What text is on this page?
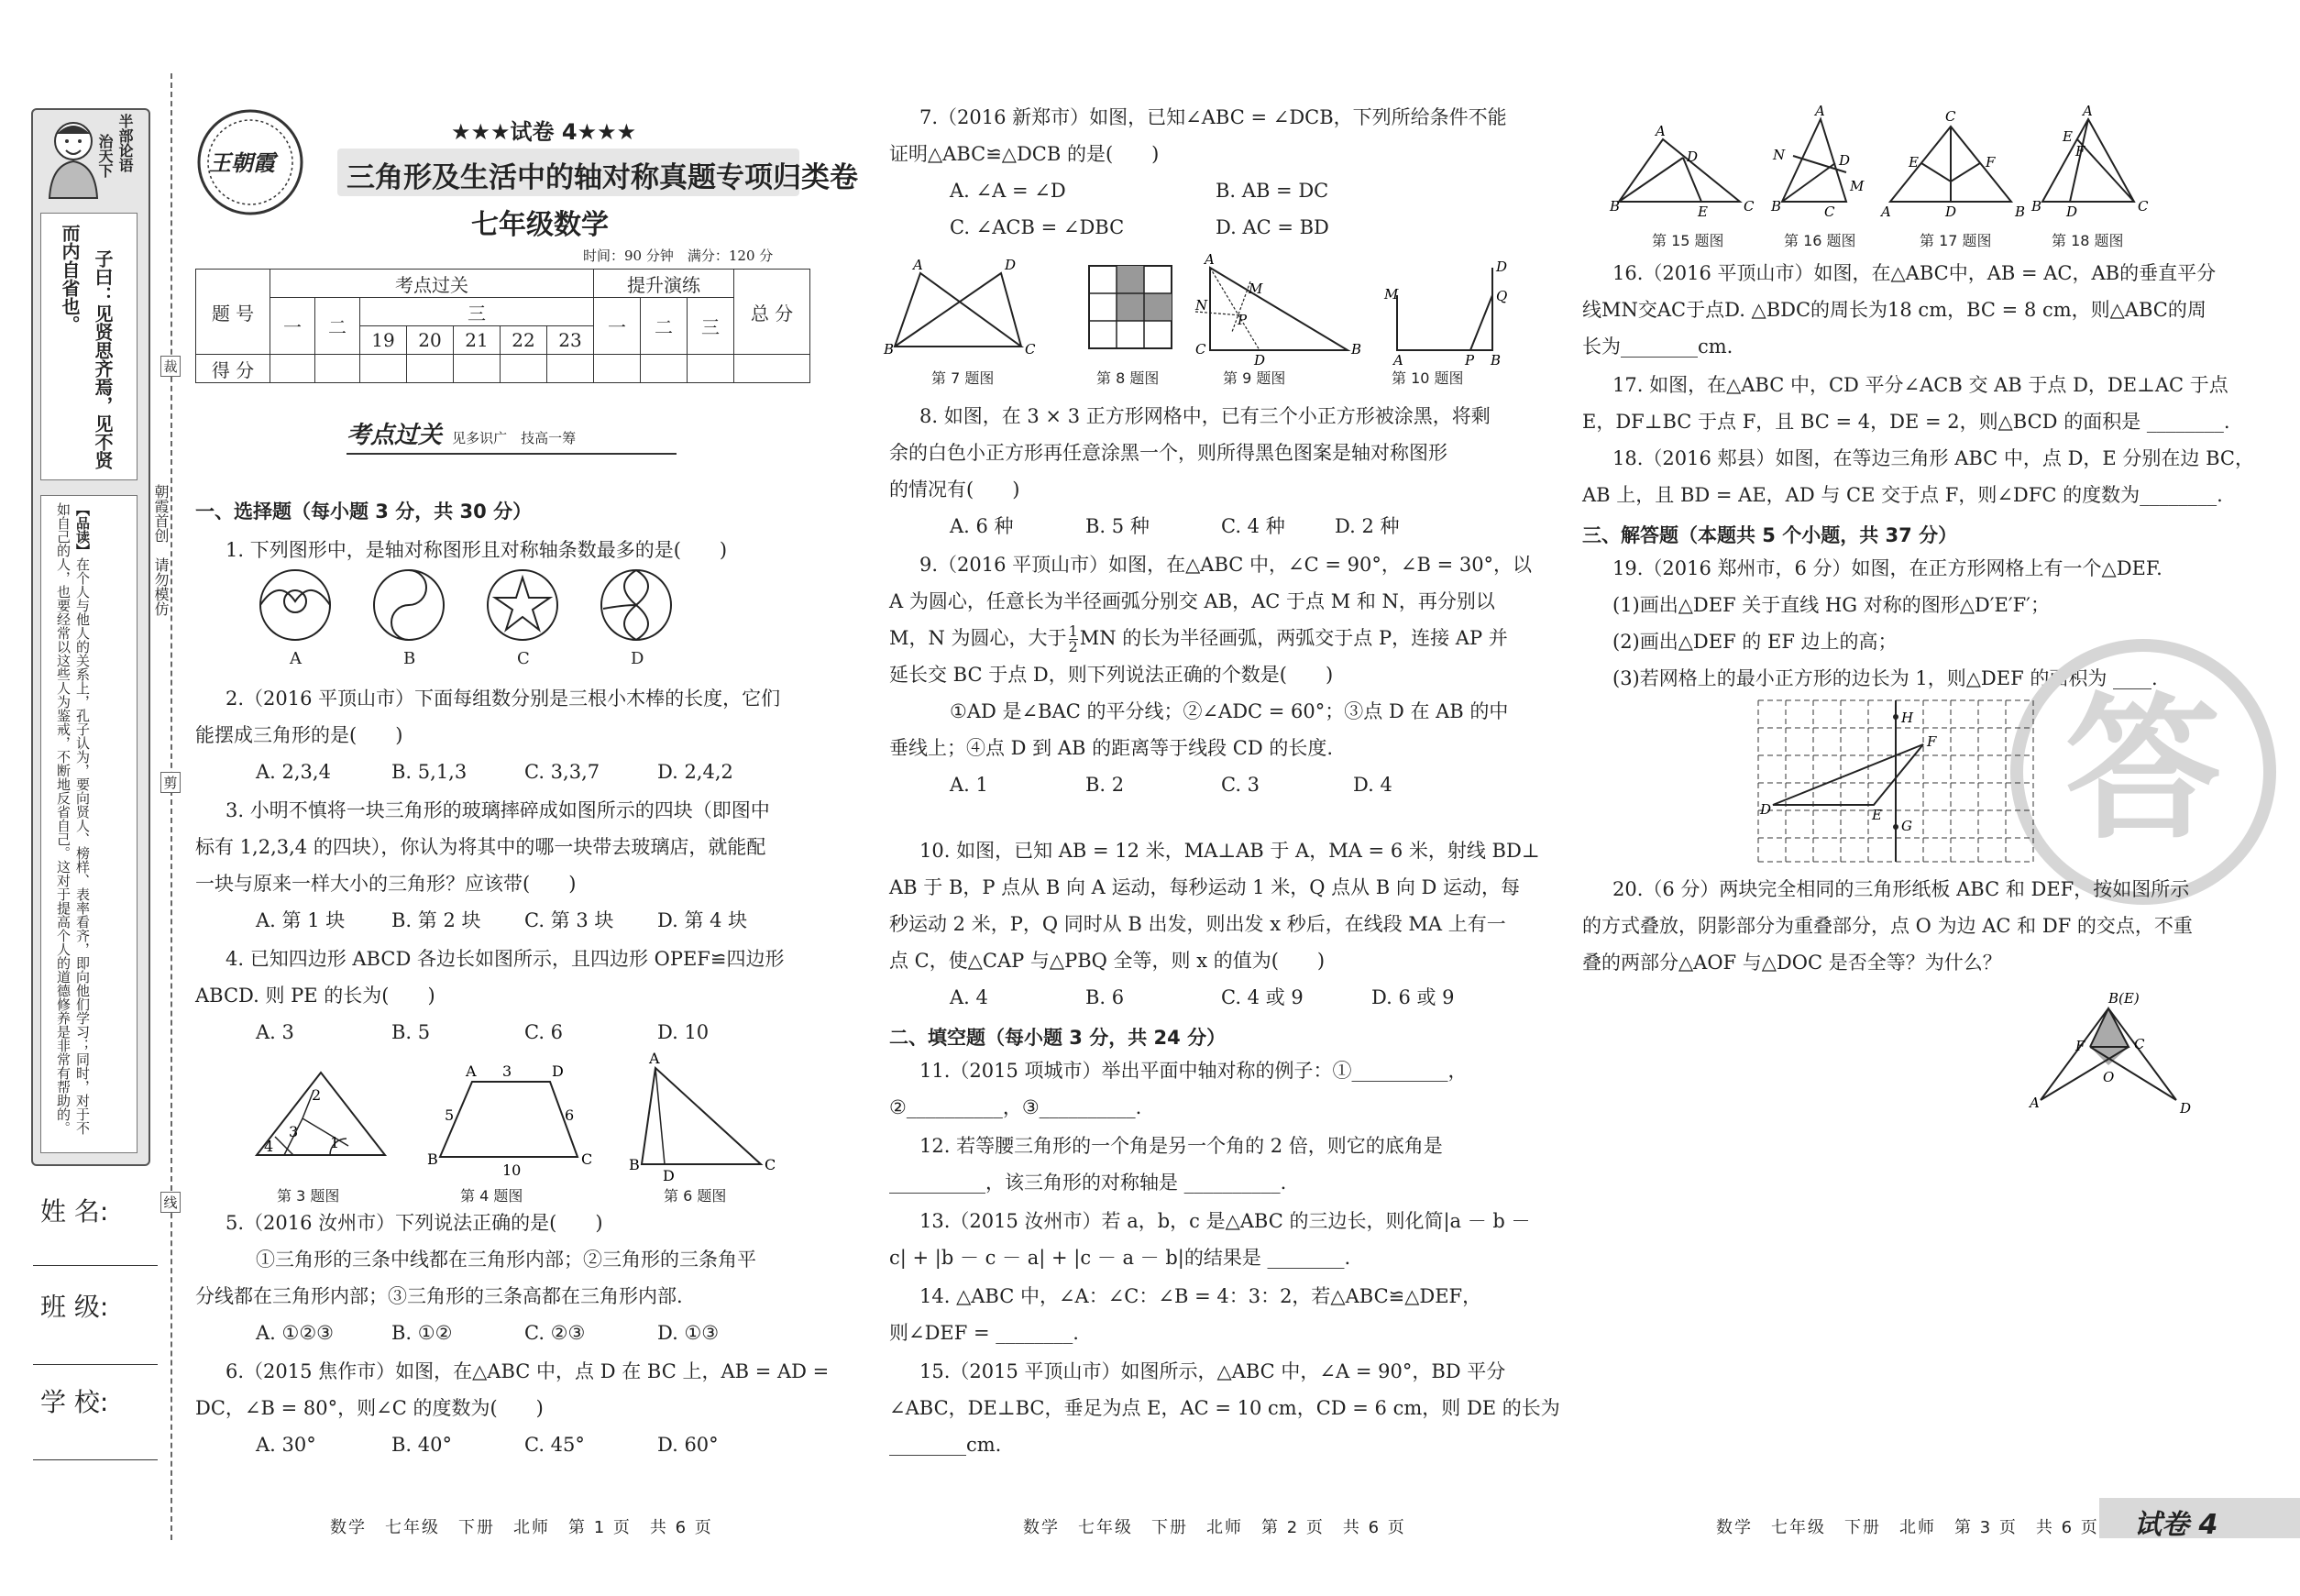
半部论语
治天下
子曰：见贤思齐焉，见不贤
而内自省也。
【品读】在个人与他人的关系上，孔子认为，要向贤人、榜样、表率看齐，即向他们学习；同时，对于不如自己的人，也要经常以这些人为鉴戒，不断地反省自己。这对于提高个人的道德修养是非常有帮助的。	朝霞首创　请勿模仿
裁
剪
线
姓 名:
班 级:
学 校:
王朝霞
★★★试卷 4★★★
三角形及生活中的轴对称真题专项归类卷
七年级数学
时间：90 分钟　满分：120 分
题 号	考点过关							提升演练			总 分
	一	二	三					一	二	三	
			19	20	21	22	23				
得 分											
考点过关 见多识广　技高一筹
一、选择题（每小题 3 分，共 30 分）

1. 下列图形中，是轴对称图形且对称轴条数最多的是(　　)

A	B	C	D

2.（2016 平顶山市）下面每组数分别是三根小木棒的长度，它们

能摆成三角形的是(　　)

A. 2,3,4	B. 5,1,3	C. 3,3,7	D. 2,4,2

3. 小明不慎将一块三角形的玻璃摔碎成如图所示的四块（即图中

标有 1,2,3,4 的四块），你认为将其中的哪一块带去玻璃店，就能配

一块与原来一样大小的三角形？应该带(　　)

A. 第 1 块	B. 第 2 块	C. 第 3 块	D. 第 4 块

4. 已知四边形 ABCD 各边长如图所示，且四边形 OPEF≌四边形

ABCD. 则 PE 的长为(　　)

A. 3	B. 5	C. 6	D. 10
2
3
4	1
A	D
B	C
5
3
6
10
A
B
D
C
第 3 题图	第 4 题图	第 6 题图

5.（2016 汝州市）下列说法正确的是(　　)

①三角形的三条中线都在三角形内部；②三角形的三条角平

分线都在三角形内部；③三角形的三条高都在三角形内部.

A. ①②③	B. ①②	C. ②③	D. ①③

6.（2015 焦作市）如图，在△ABC 中，点 D 在 BC 上，AB = AD =

DC，∠B = 80°，则∠C 的度数为(　　)

A. 30°	B. 40°	C. 45°	D. 60°
数学　七年级　下册　北师　第 1 页　共 6 页

7.（2016 新郑市）如图，已知∠ABC = ∠DCB，下列所给条件不能

证明△ABC≌△DCB 的是(　　)

A. ∠A = ∠D	B. AB = DC
C. ∠ACB = ∠DBC	D. AC = BD
A	D
B	C
A
C
D
B
N
M
P
M
A	P B
D
Q
第 7 题图	第 8 题图	第 9 题图	第 10 题图

8. 如图，在 3 × 3 正方形网格中，已有三个小正方形被涂黑，将剩

余的白色小正方形再任意涂黑一个，则所得黑色图案是轴对称图形

的情况有(　　)

A. 6 种	B. 5 种	C. 4 种	D. 2 种

9.（2016 平顶山市）如图，在△ABC 中，∠C = 90°，∠B = 30°，以

A 为圆心，任意长为半径画弧分别交 AB，AC 于点 M 和 N，再分别以

M，N 为圆心，大于 $\frac{1}{2}$ MN 的长为半径画弧，两弧交于点 P，连接 AP 并

延长交 BC 于点 D，则下列说法正确的个数是(　　)

①AD 是∠BAC 的平分线；②∠ADC = 60°；③点 D 在 AB 的中

垂线上；④点 D 到 AB 的距离等于线段 CD 的长度.

A. 1	B. 2	C. 3	D. 4

10. 如图，已知 AB = 12 米，MA⊥AB 于 A，MA = 6 米，射线 BD⊥

AB 于 B，P 点从 B 向 A 运动，每秒运动 1 米，Q 点从 B 向 D 运动，每

秒运动 2 米，P，Q 同时从 B 出发，则出发 x 秒后，在线段 MA 上有一

点 C，使△CAP 与△PBQ 全等，则 x 的值为(　　)

A. 4	B. 6	C. 4 或 9	D. 6 或 9
二、填空题（每小题 3 分，共 24 分）

11.（2015 项城市）举出平面中轴对称的例子：①__________，

②__________，③__________.

12. 若等腰三角形的一个角是另一个角的 2 倍，则它的底角是

__________，该三角形的对称轴是 __________.

13.（2015 汝州市）若 a，b，c 是△ABC 的三边长，则化简|a － b －

c| + |b － c － a| + |c － a － b|的结果是 ________.

14. △ABC 中，∠A：∠C：∠B = 4：3：2，若△ABC≌△DEF，

则∠DEF = ________.

15.（2015 平顶山市）如图所示，△ABC 中，∠A = 90°，BD 平分

∠ABC，DE⊥BC，垂足为点 E，AC = 10 cm，CD = 6 cm，则 DE 的长为

________cm.

数学　七年级　下册　北师　第 2 页　共 6 页
A
B
D
E	C
A
N
B	C
D
M
C
A	D	B
E	F
A
E
F
B D	C
第 15 题图	第 16 题图	第 17 题图	第 18 题图

16.（2016 平顶山市）如图，在△ABC中，AB = AC，AB的垂直平分

线MN交AC于点D. △BDC的周长为18 cm，BC = 8 cm，则△ABC的周

长为________cm.

17. 如图，在△ABC 中，CD 平分∠ACB 交 AB 于点 D，DE⊥AC 于点

E，DF⊥BC 于点 F，且 BC = 4，DE = 2，则△BCD 的面积是 ________.

18.（2016 郏县）如图，在等边三角形 ABC 中，点 D，E 分别在边 BC，

AB 上，且 BD = AE，AD 与 CE 交于点 F，则∠DFC 的度数为________.

三、解答题（本题共 5 个小题，共 37 分）

19.（2016 郑州市，6 分）如图，在正方形网格上有一个△DEF.

(1)画出△DEF 关于直线 HG 对称的图形△D′E′F′；

(2)画出△DEF 的 EF 边上的高；

(3)若网格上的最小正方形的边长为 1，则△DEF 的面积为 ____.

答
H
G
F
D	E

20.（6 分）两块完全相同的三角形纸板 ABC 和 DEF，按如图所示

的方式叠放，阴影部分为重叠部分，点 O 为边 AC 和 DF 的交点，不重

叠的两部分△AOF 与△DOC 是否全等？为什么？

B(E)
F	C
O
A	D
数学　七年级　下册　北师　第 3 页　共 6 页 试卷 4
